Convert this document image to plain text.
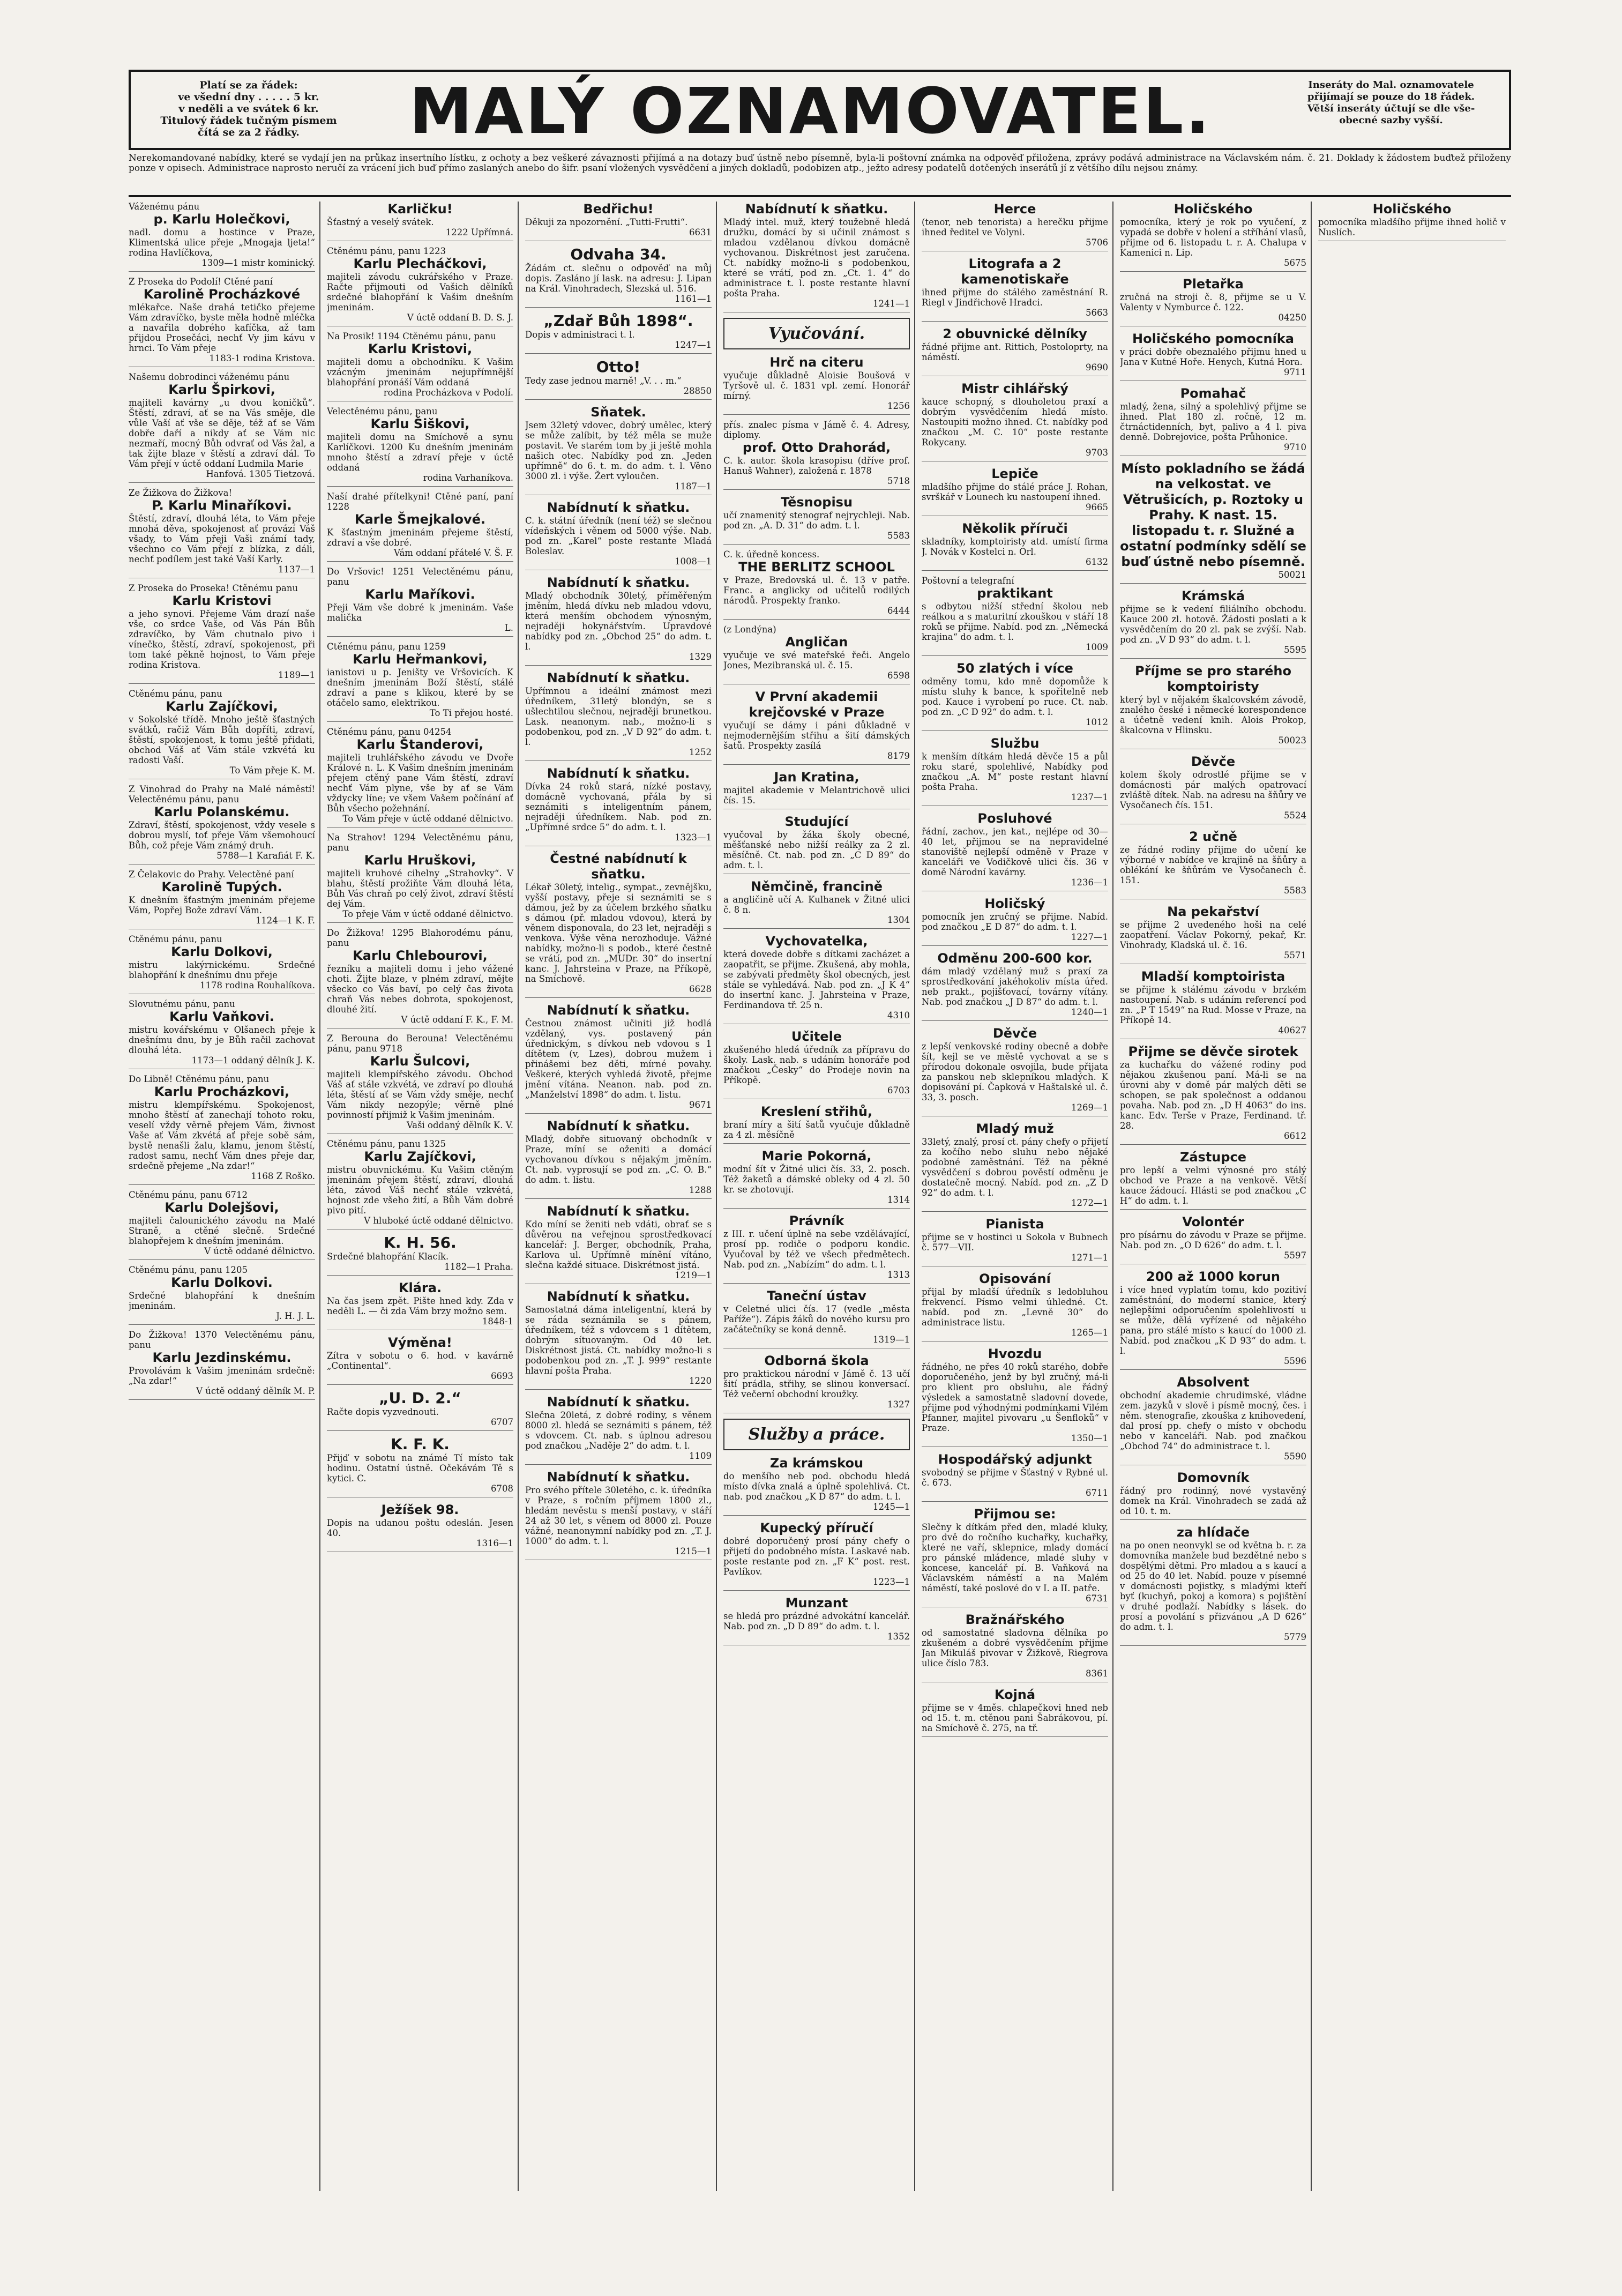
Platí se za řádek:
ve všední dny . . . . . 5 kr.
v neděli a ve svátek 6 kr.
Titulový řádek tučným písmem
čítá se za 2 řádky.	MALÝ OZNAMOVATEL.	Inseráty do Mal. oznamovatele
přijímají se pouze do 18 řádek.
Větší inseráty účtují se dle vše-
obecné sazby vyšší.
Nerekomandované nabídky, které se vydají jen na průkaz insertního lístku, z ochoty a bez veškeré závaznosti přijímá a na dotazy buď ústně nebo písemně, byla-li poštovní známka na odpověď přiložena, zprávy podává administrace na Václavském nám. č. 21. Doklady k žádostem buďtež přiloženy ponze v opisech. Administrace naprosto neručí za vrácení jich buď přímo zaslaných anebo do šifr. psaní vložených vysvědčení a jiných dokladů, podobizen atp., ježto adresy podatelů dotčených inserátů jí z většího dílu nejsou známy.
Váženému pánu
p. Karlu Holečkovi,
nadl. domu a hostince v Praze, Klimentská ulice přeje „Mnogaja ljeta!“ rodina Havlíčkova,
1309—1 mistr kominický.
Z Proseka do Podolí! Ctěné paní
Karolině Procházkové
mlékařce. Naše drahá tetičko přejeme Vám zdravíčko, byste měla hodně mléčka a navařila dobrého kafíčka, až tam přijdou Prosečáci, nechť Vy jim kávu v hrnci. To Vám přeje
1183-1 rodina Kristova.
Našemu dobrodinci váženému pánu
Karlu Špirkovi,
majiteli kavárny „u dvou koničků“. Štěstí, zdraví, ať se na Vás směje, dle vůle Vaší ať vše se děje, též ať se Vám dobře daří a nikdy ať se Vám nic nezmaří, mocný Bůh odvrať od Vás žal, a tak žijte blaze v štěstí a zdraví dál. To Vám přejí v úctě oddaní Ludmila Marie
Hanfová. 1305 Tietzová.
Ze Žižkova do Žižkova!
P. Karlu Minaříkovi.
Štěstí, zdraví, dlouhá léta, to Vám přeje mnohá děva, spokojenost ať provází Váš všady, to Vám přeji Vaši známí tady, všechno co Vám přejí z blízka, z dáli, nechť podílem jest také Vaší Karly.
1137—1
Z Proseka do Proseka! Ctěnému panu
Karlu Kristovi
a jeho synovi. Přejeme Vám drazí naše vše, co srdce Vaše, od Vás Pán Bůh zdravíčko, by Vám chutnalo pivo i vínečko, štěstí, zdraví, spokojenost, při tom také pěkně hojnost, to Vám přeje rodina Kristova.
1189—1
Ctěnému pánu, panu
Karlu Zajíčkovi,
v Sokolské třídě. Mnoho ještě šťastných svátků, račiž Vám Bůh dopříti, zdraví, štěstí, spokojenost, k tomu ještě přidati, obchod Váš ať Vám stále vzkvétá ku radosti Vaší.
To Vám přeje K. M.
Z Vinohrad do Prahy na Malé náměstí! Velectěnému pánu, panu
Karlu Polanskému.
Zdraví, štěstí, spokojenost, vždy vesele s dobrou myslí, toť přeje Vám všemohoucí Bůh, což přeje Vám známý druh.
5788—1 Karafiát F. K.
Z Čelakovic do Prahy. Velectěné paní
Karolině Tupých.
K dnešním šťastným jmeninám přejeme Vám, Popřej Bože zdraví Vám.
1124—1 K. F.
Ctěnému pánu, panu
Karlu Dolkovi,
mistru lakýrnickému. Srdečné blahopřání k dnešnímu dnu přeje
1178 rodina Rouhalíkova.
Slovutnému pánu, panu
Karlu Vaňkovi.
mistru kovářskému v Olšanech přeje k dnešnímu dnu, by je Bůh račil zachovat dlouhá léta.
1173—1 oddaný dělník J. K.
Do Libně! Ctěnému pánu, panu
Karlu Procházkovi,
mistru klempířskému. Spokojenost, mnoho štěstí ať zanechají tohoto roku, veselí vždy věrně přejem Vám, živnost Vaše ať Vám zkvétá ať přeje sobě sám, bystě nenašli žalu, klamu, jenom štěstí, radost samu, nechť Vám dnes přeje dar, srdečně přejeme „Na zdar!“
1168 Z Roško.
Ctěnému pánu, panu 6712
Karlu Dolejšovi,
majiteli čalounického závodu na Malé Straně, a ctěné slečně. Srdečné blahopřejem k dnešním jmeninám.
V úctě oddané dělnictvo.
Ctěnému pánu, panu 1205
Karlu Dolkovi.
Srdečné blahopřání k dnešním jmeninám.
J. H. J. L.
Do Žižkova! 1370 Velectěnému pánu, panu
Karlu Jezdinskému.
Provolávám k Vašim jmeninám srdečně: „Na zdar!“
V úctě oddaný dělník M. P.
Karličku!
Šťastný a veselý svátek.
1222 Upřímná.
Ctěnému pánu, panu 1223
Karlu Plecháčkovi,
majiteli závodu cukrářského v Praze. Račte přijmouti od Vašich dělníků srdečné blahopřání k Vašim dnešním jmeninám.
V úctě oddaní B. D. S. J.
Na Prosik! 1194 Ctěnému pánu, panu
Karlu Kristovi,
majiteli domu a obchodníku. K Vašim vzácným jmeninám nejupřímnější blahopřání pronáší Vám oddaná
rodina Procházkova v Podolí.
Velectěnému pánu, panu
Karlu Šiškovi,
majiteli domu na Smíchově a synu Karlíčkovi. 1200 Ku dnešním jmeninám mnoho štěstí a zdraví přeje v úctě oddaná
rodina Varhaníkova.
Naší drahé přítelkyni! Ctěné paní, paní 1228
Karle Šmejkalové.
K šťastným jmeninám přejeme štěstí, zdraví a vše dobré.
Vám oddaní přátelé V. Š. F.
Do Vršovic! 1251 Velectěnému pánu, panu
Karlu Maříkovi.
Přeji Vám vše dobré k jmeninám. Vaše malička
L.
Ctěnému pánu, panu 1259
Karlu Heřmankovi,
ianistovi u p. Jeništy ve Vršovicích. K dnešním jmeninám Boží štěstí, stálé zdraví a pane s klikou, které by se otáčelo samo, elektrikou.
To Ti přejou hosté.
Ctěnému pánu, panu 04254
Karlu Štanderovi,
majiteli truhlářského závodu ve Dvoře Králové n. L. K Vašim dnešním jmeninám přejem ctěný pane Vám štěstí, zdraví nechť Vám plyne, vše by ať se Vám vždycky líne; ve všem Vašem počínání ať Bůh všecho požehnání.
To Vám přeje v úctě oddané dělnictvo.
Na Strahov! 1294 Velectěnému pánu, panu
Karlu Hruškovi,
majiteli kruhové cihelny „Strahovky“. V blahu, štěstí prožiňte Vám dlouhá léta, Bůh Vás chraň po celý život, zdraví štěstí dej Vám.
To přeje Vám v úctě oddané dělnictvo.
Do Žižkova! 1295 Blahorodému pánu, panu
Karlu Chlebourovi,
řezníku a majiteli domu i jeho vážené choti. Žijte blaze, v plném zdraví, mějte všecko co Vás baví, po celý čas života chraň Vás nebes dobrota, spokojenost, dlouhé žití.
V úctě oddaní F. K., F. M.
Z Berouna do Berouna! Velectěnému pánu, panu 9718
Karlu Šulcovi,
majiteli klempířského závodu. Obchod Váš ať stále vzkvétá, ve zdraví po dlouhá léta, štěstí ať se Vám vždy směje, nechť Vám nikdy nezopýle; věrně plné povinností přijmiž k Vašim jmeninám.
Vaši oddaný dělník K. V.
Ctěnému pánu, panu 1325
Karlu Zajíčkovi,
mistru obuvnickému. Ku Vašim ctěným jmeninám přejem štěstí, zdraví, dlouhá léta, závod Váš nechť stále vzkvétá, hojnost zde všeho žití, a Bůh Vám dobré pivo pití.
V hluboké úctě oddané dělnictvo.
K. H. 56.
Srdečné blahopřání Klacík.
1182—1 Praha.
Klára.
Na čas jsem zpět. Pište hned kdy. Zda v neděli L. — či zda Vám brzy možno sem.
1848-1
Výměna!
Zítra v sobotu o 6. hod. v kavárně „Continental“.
6693
„U. D. 2.“
Račte dopis vyzvednouti.
6707
K. F. K.
Přijď v sobotu na známé Tí místo tak hodinu. Ostatní ústně. Očekávám Tě s kytici. C.
6708
Ježíšek 98.
Dopis na udanou poštu odeslán. Jesen 40.
1316—1
Bedřichu!
Děkuji za npozornění. „Tutti-Frutti“.
6631
Odvaha 34.
Žádám ct. slečnu o odpověď na můj dopis. Zasláno jí lask. na adresu: J. Lipan na Král. Vinohradech, Slezská ul. 516.
1161—1
„Zdař Bůh 1898“.
Dopis v administraci t. l.
1247—1
Otto!
Tedy zase jednou marně! „V. . . m.“
28850
Sňatek.
Jsem 32letý vdovec, dobrý umělec, který se může zalíbit, by též měla se muže postavit. Ve starém tom by ji ještě mohla našich otec. Nabídky pod zn. „Jeden upřímně“ do 6. t. m. do adm. t. l. Věno 3000 zl. i výše. Žert vyloučen.
1187—1
Nabídnutí k sňatku.
C. k. státní úředník (není též) se slečnou vídeňských i věnem od 5000 výše. Nab. pod zn. „Karel“ poste restante Mladá Boleslav.
1008—1
Nabídnutí k sňatku.
Mladý obchodník 30letý, příměřeným jměním, hledá dívku neb mladou vdovu, která menším obchodem výnosným, nejraději hokynářstvím. Upravdové nabídky pod zn. „Obchod 25“ do adm. t. l.
1329
Nabídnutí k sňatku.
Upřímnou a ideální známost mezi úředníkem, 31letý blondýn, se s ušlechtilou slečnou, nejraději brunetkou. Lask. neanonym. nab., možno-li s podobenkou, pod zn. „V D 92“ do adm. t. l.
1252
Nabídnutí k sňatku.
Dívka 24 roků stará, nízké postavy, domácně vychovaná, přála by si seznámiti s inteligentním pánem, nejraději úředníkem. Nab. pod zn. „Upřímné srdce 5“ do adm. t. l.
1323—1
Čestné nabídnutí k sňatku.
Lékař 30letý, intelig., sympat., zevnějšku, vyšší postavy, přeje si seznámiti se s dámou, jež by za účelem brzkého sňatku s dámou (př. mladou vdovou), která by věnem disponovala, do 23 let, nejraději s venkova. Výše věna nerozhoduje. Vážné nabídky, možno-li s podob., které čestně se vrátí, pod zn. „MUDr. 30“ do insertní kanc. J. Jahrsteina v Praze, na Příkopě, na Smíchově.
6628
Nabídnutí k sňatku.
Čestnou známost učiniti již hodlá vzdělaný, vys. postavený pán úřednickým, s dívkou neb vdovou s 1 dítětem (v, Lzes), dobrou mužem i přinášemi bez děti, mírné povahy. Veškeré, kterých vyhledá životě, přejme jmění vítána. Neanon. nab. pod zn. „Manželství 1898“ do adm. t. listu.
9671
Nabídnutí k sňatku.
Mladý, dobře situovaný obchodník v Praze, míní se oženiti a domácí vychovanou dívkou s nějakým jměním. Ct. nab. vyprosují se pod zn. „C. O. B.“ do adm. t. listu.
1288
Nabídnutí k sňatku.
Kdo míní se ženiti neb vdáti, obrať se s důvěrou na veřejnou sprostředkovací kancelář: J. Berger, obchodník, Praha, Karlova ul. Upřímně mínění vítáno, slečna každé situace. Diskrétnost jistá.
1219—1
Nabídnutí k sňatku.
Samostatná dáma inteligentní, která by se ráda seznámila se s pánem, úředníkem, též s vdovcem s 1 dítětem, dobrým sítuovaným. Od 40 let. Diskrétnost jistá. Ct. nabídky možno-li s podobenkou pod zn. „T. J. 999“ restante hlavní pošta Praha.
1220
Nabídnutí k sňatku.
Slečna 20letá, z dobré rodiny, s věnem 8000 zl. hledá se seznámiti s pánem, též s vdovcem. Ct. nab. s úplnou adresou pod značkou „Naděje 2“ do adm. t. l.
1109
Nabídnutí k sňatku.
Pro svého přítele 30letého, c. k. úředníka v Praze, s ročním příjmem 1800 zl., hledám nevěstu s menší postavy, v stáří 24 až 30 let, s věnem od 8000 zl. Pouze vážné, neanonymní nabídky pod zn. „T. J. 1000“ do adm. t. l.
1215—1
Nabídnutí k sňatku.
Mladý intel. muž, který toužebně hledá družku, domácí by si učinil známost s mladou vzdělanou dívkou domácně vychovanou. Diskrétnost jest zaručena. Ct. nabídky možno-li s podobenkou, které se vrátí, pod zn. „Ct. 1. 4“ do administrace t. l. poste restante hlavní pošta Praha.
1241—1
Vyučování.
Hrč na citeru
vyučuje důkladně Aloisie Boušová v Tyršově ul. č. 1831 vpl. zemí. Honorář mírný.
1256
přís. znalec písma v Jámě č. 4. Adresy, diplomy.
prof. Otto Drahorád,
C. k. autor. škola krasopisu (dříve prof. Hanuš Wahner), založená r. 1878
5718
Těsnopisu
učí znamenitý stenograf nejrychleji. Nab. pod zn. „A. D. 31“ do adm. t. l.
5583
C. k. úředně koncess.
THE BERLITZ SCHOOL
v Praze, Bredovská ul. č. 13 v patře. Franc. a anglicky od učitelů rodilých národů. Prospekty franko.
6444
(z Londýna)
Angličan
vyučuje ve své mateřské řeči. Angelo Jones, Mezibranská ul. č. 15.
6598
V První akademii krejčovské v Praze
vyučují se dámy i páni důkladně v nejmodernějším střihu a šití dámských šatů. Prospekty zasílá
8179
Jan Kratina,
majitel akademie v Melantrichově ulici čís. 15.
Studující
vyučoval by žáka školy obecné, měšťanské nebo nižší reálky za 2 zl. měsíčně. Ct. nab. pod zn. „C D 89“ do adm. t. l.
Němčině, francině
a angličině učí A. Kulhanek v Žitné ulici č. 8 n.
1304
Vychovatelka,
která dovede dobře s dítkami zacházet a zaopatřit, se přijme. Zkušená, aby mohla, se zabývati předměty škol obecných, jest stále se vyhledává. Nab. pod zn. „J K 4“ do insertní kanc. J. Jahrsteina v Praze, Ferdinandova tř. 25 n.
4310
Učitele
zkušeného hledá úředník za přípravu do školy. Lask. nab. s udáním honoráře pod značkou „Česky“ do Prodeje novin na Příkopě.
6703
Kreslení střihů,
braní míry a šití šatů vyučuje důkladně za 4 zl. měsíčně
Marie Pokorná,
modní šít v Žitné ulici čís. 33, 2. posch. Též žaketů a dámské obleky od 4 zl. 50 kr. se zhotovují.
1314
Právník
z III. r. učení úplně na sebe vzdělávající, prosí pp. rodiče o podporu kondic. Vyučoval by též ve všech předmětech. Nab. pod zn. „Nabízím“ do adm. t. l.
1313
Taneční ústav
v Celetné ulici čís. 17 (vedle „města Paříže“). Zápis žáků do nového kursu pro začátečníky se koná denně.
1319—1
Odborná škola
pro praktickou národní v Jámě č. 13 učí šití prádla, střihy, se slinou konversací. Též večerní obchodní kroužky.
1327
Služby a práce.
Za krámskou
do menšího neb pod. obchodu hledá místo dívka znalá a úplně spolehlivá. Ct. nab. pod značkou „K D 87“ do adm. t. l.
1245—1
Kupecký příručí
dobré doporučený prosí pány chefy o přijetí do podobného místa. Laskavé nab. poste restante pod zn. „F K“ post. rest. Pavlíkov.
1223—1
Munzant
se hledá pro prázdné advokátní kancelář. Nab. pod zn. „D D 89“ do adm. t. l.
1352
Herce
(tenor, neb tenorista) a herečku přijme ihned ředitel ve Volyni.
5706
Litografa a 2 kamenotiskaře
ihned přijme do stálého zaměstnání R. Riegl v Jindřichově Hradci.
5663
2 obuvnické dělníky
řádné přijme ant. Rittich, Postoloprty, na náměstí.
9690
Mistr cihlářský
kauce schopný, s dlouholetou praxí a dobrým vysvědčením hledá místo. Nastoupiti možno ihned. Ct. nabídky pod značkou „M. C. 10“ poste restante Rokycany.
9703
Lepiče
mladšího přijme do stálé práce J. Rohan, svrškář v Lounech ku nastoupení ihned.
9665
Několik příruči
skladníky, komptoiristy atd. umístí firma J. Novák v Kostelci n. Orl.
6132
Poštovní a telegrafní
praktikant
s odbytou nižší střední školou neb reálkou a s maturitní zkouškou v stáří 18 roků se přijme. Nabíd. pod zn. „Německá krajina“ do adm. t. l.
1009
50 zlatých i více
odměny tomu, kdo mně dopomůže k místu sluhy k bance, k spořitelně neb pod. Kauce i vyrobení po ruce. Ct. nab. pod zn. „C D 92“ do adm. t. l.
1012
Službu
k menším dítkám hledá děvče 15 a půl roku staré, spolehlivé, Nabídky pod značkou „A. M“ poste restant hlavní pošta Praha.
1237—1
Posluhové
řádní, zachov., jen kat., nejlépe od 30—40 let, přijmou se na nepravidelné stanoviště nejlepší odměně v Praze v kanceláři ve Vodičkově ulici čís. 36 v domě Národní kavárny.
1236—1
Holičský
pomocník jen zručný se přijme. Nabíd. pod značkou „E D 87“ do adm. t. l.
1227—1
Odměnu 200-600 kor.
dám mladý vzdělaný muž s praxí za sprostředkování jakéhokoliv místa úřed. neb prakt., pojišťovací, továrny vítány. Nab. pod značkou „J D 87“ do adm. t. l.
1240—1
Děvče
z lepší venkovské rodiny obecně a dobře šít, kejl se ve městě vychovat a se s přírodou dokonale osvojila, bude přijata za panskou neb sklepníkou mladých. K dopisování pí. Čapková v Haštalské ul. č. 33, 3. posch.
1269—1
Mladý muž
33letý, znalý, prosí ct. pány chefy o přijetí za kočího nebo sluhu nebo nějaké podobné zaměstnání. Též na pěkné vysvědčení s dobrou pověstí odměnu je dostatečně mocný. Nabíd. pod zn. „Z D 92“ do adm. t. l.
1272—1
Pianista
přijme se v hostinci u Sokola v Bubnech č. 577—VII.
1271—1
Opisování
přijal by mladší úředník s ledobluhou frekvencí. Písmo velmi úhledné. Ct. nabíd. pod zn. „Levně 30“ do administrace listu.
1265—1
Hvozdu
řádného, ne přes 40 roků starého, dobře doporučeného, jenž by byl zručný, má-li pro klient pro obsluhu, ale řádný výsledek a samostatně sladovní dovede, přijme pod výhodnými podmínkami Vilém Pfanner, majitel pivovaru „u Šenfloků“ v Praze.
1350—1
Hospodářský adjunkt
svobodný se přijme v Šťastný v Rybné ul. č. 673.
6711
Přijmou se:
Slečny k dítkám před den, mladé kluky, pro dvě do ročního kuchařky, kuchařky, které ne vaří, sklepnice, mlady domácí pro pánské mládence, mladé sluhy v koncese, kancelář pí. B. Vaňková na Václavském náměstí a na Malém náměstí, také poslové do v I. a II. patře.
6731
Bražnářského
od samostatné sladovna dělníka po zkušeném a dobré vysvědčením přijme Jan Mikuláš pivovar v Žižkově, Riegrova ulice číslo 783.
8361
Kojná
přijme se v 4měs. chlapečkovi hned neb od 15. t. m. ctěnou pani Šabrákovou, pí. na Smíchově č. 275, na tř.
Holičského
pomocníka, který je rok po vyučení, z vypadá se dobře v holení a stříhání vlasů, přijme od 6. listopadu t. r. A. Chalupa v Kamenici n. Lip.
5675
Pletařka
zručná na stroji č. 8, přijme se u V. Valenty v Nymburce č. 122.
04250
Holičského pomocníka
v práci dobře obeznalého přijmu hned u Jana v Kutné Hoře. Henych, Kutná Hora.
9711
Pomahač
mladý, žena, silný a spolehlivý přijme se ihned. Plat 180 zl. ročně, 12 m. čtrnáctidenních, byt, palivo a 4 l. piva denně. Dobrejovice, pošta Průhonice.
9710
Místo pokladního se žádá na velkostat. ve Větrušicích, p. Roztoky u Prahy. K nast. 15. listopadu t. r. Služné a ostatní podmínky sdělí se buď ústně nebo písemně.
50021
Krámská
přijme se k vedení filiálního obchodu. Kauce 200 zl. hotově. Žádosti poslati a k vysvědčením do 20 zl. pak se zvýší. Nab. pod zn. „V D 93“ do adm. t. l.
5595
Příjme se pro starého komptoiristy
který byl v nějakém škalcovském závodě, znalého české i německé korespondence a účetně vedení knih. Alois Prokop, škalcovna v Hlinsku.
50023
Děvče
kolem školy odrostlé přijme se v domácnosti pár malých opatrovací zvláště dítek. Nab. na adresu na šňůry ve Vysočanech čís. 151.
5524
2 učně
ze řádné rodiny přijme do učení ke výborné v nabídce ve krajině na šňůry a oblékání ke šňůrám ve Vysočanech č. 151.
5583
Na pekařství
se přijme 2 uvedeného hoši na celé zaopatření. Václav Pokorný, pekař, Kr. Vinohrady, Kladská ul. č. 16.
5571
Mladší komptoirista
se přijme k stálému závodu v brzkém nastoupení. Nab. s udáním referencí pod zn. „P T 1549“ na Rud. Mosse v Praze, na Příkopě 14.
40627
Přijme se děvče sirotek
za kuchařku do vážené rodiny pod nějakou zkušenou paní. Má-li se na úrovni aby v domě pár malých děti se schopen, se pak společnost a oddanou povaha. Nab. pod zn. „D H 4063“ do ins. kanc. Edv. Terše v Praze, Ferdinand. tř. 28.
6612
Zástupce
pro lepší a velmi výnosné pro stálý obchod ve Praze a na venkově. Větší kauce žádoucí. Hlásti se pod značkou „C H“ do adm. t. l.
Volontér
pro písárnu do závodu v Praze se přijme. Nab. pod zn. „O D 626“ do adm. t. l.
5597
200 až 1000 korun
i více hned vyplatím tomu, kdo pozitiví zaměstnání, do moderní stanice, který nejlepšími odporučením spolehlivostí u se může, dělá vyřízené od nějakého pana, pro stálé místo s kaucí do 1000 zl. Nabíd. pod značkou „K D 93“ do adm. t. l.
5596
Absolvent
obchodní akademie chrudimské, vládne zem. jazyků v slově i písmě mocný, čes. i něm. stenografie, zkouška z knihovedení, dal prosí pp. chefy o místo v obchodu nebo v kanceláři. Nab. pod značkou „Obchod 74“ do administrace t. l.
5590
Domovník
řádný pro rodinný, nové vystavěný domek na Král. Vinohradech se zadá až od 10. t. m.
za hlídače
na po onen neonvykl se od května b. r. za domovníka manžele bud bezdětné nebo s dospělými dětmi. Pro mladou a s kaucí a od 25 do 40 let. Nabíd. pouze v písemné v domácnosti pojistky, s mladými kteří byť (kuchyň, pokoj a komora) s pojištění v druhé podlaží. Nabídky s lásek. do prosí a povolání s přizvánou „A D 626“ do adm. t. l.
5779
Holičského
pomocníka mladšího přijme ihned holič v Nuslích.
